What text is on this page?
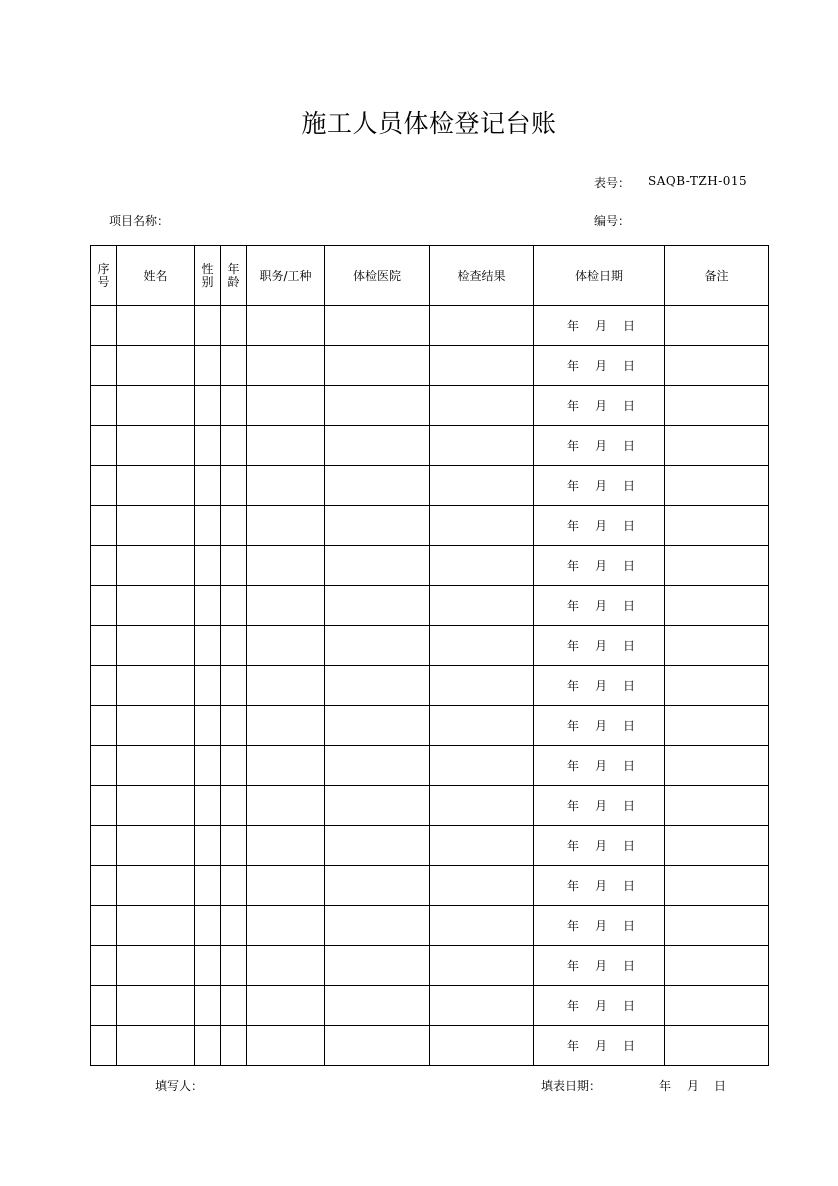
施工人员体检登记台账
表号： SAQB-TZH-015
项目名称：	编号：
序号	姓名	性别	年龄	职务/工种	体检医院	检查结果	体检日期	备注
							年 月 日	
							年 月 日	
							年 月 日	
							年 月 日	
							年 月 日	
							年 月 日	
							年 月 日	
							年 月 日	
							年 月 日	
							年 月 日	
							年 月 日	
							年 月 日	
							年 月 日	
							年 月 日	
							年 月 日	
							年 月 日	
							年 月 日	
							年 月 日	
							年 月 日	
填写人：	填表日期：	年 月 日
